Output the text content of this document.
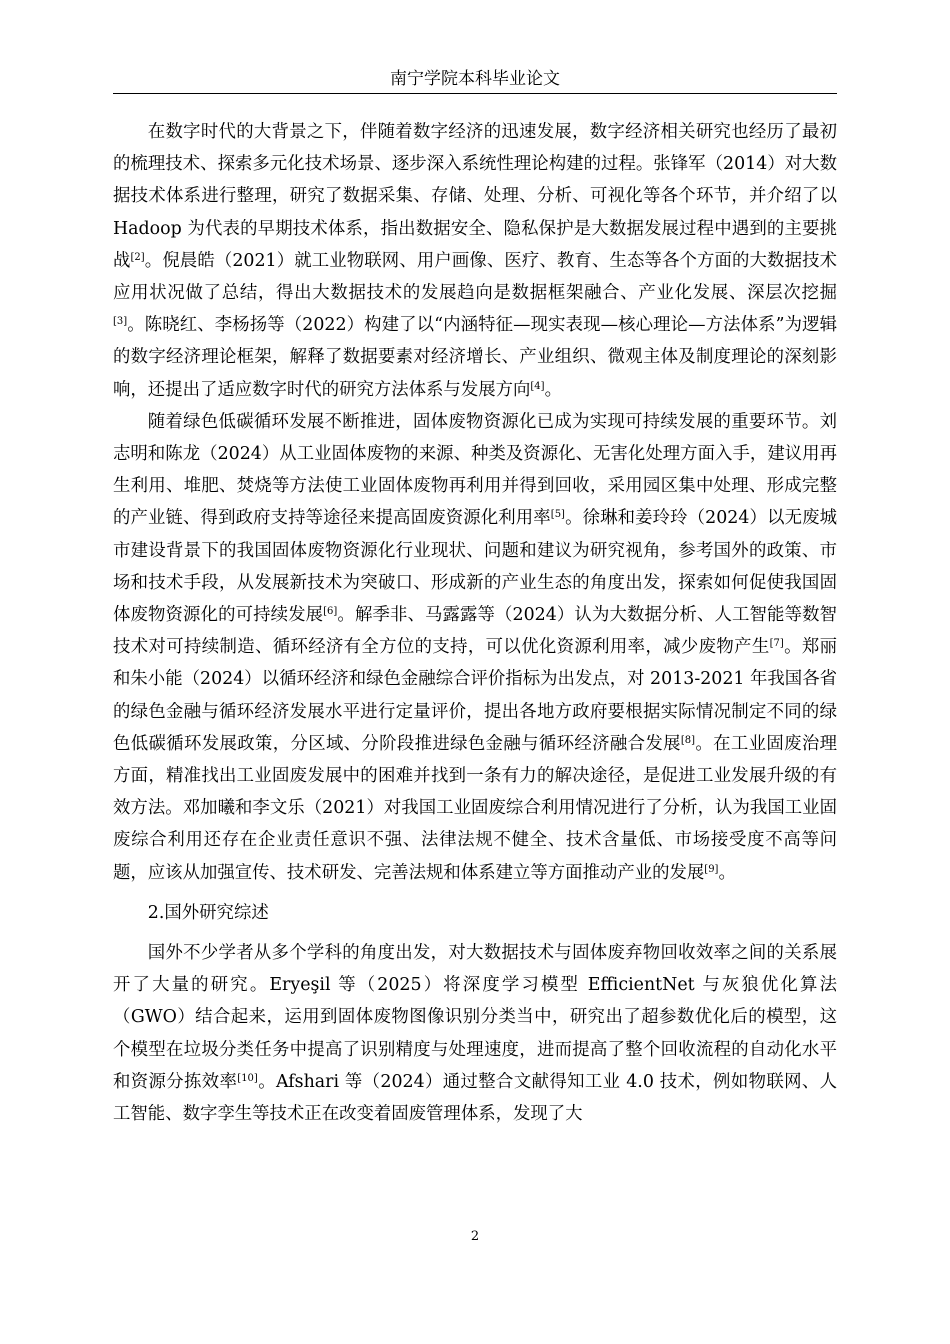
南宁学院本科毕业论文

在数字时代的大背景之下，伴随着数字经济的迅速发展，数字经济相关研究也经历了最初的梳理技术、探索多元化技术场景、逐步深入系统性理论构建的过程。张锋军（2014）对大数据技术体系进行整理，研究了数据采集、存储、处理、分析、可视化等各个环节，并介绍了以 Hadoop 为代表的早期技术体系，指出数据安全、隐私保护是大数据发展过程中遇到的主要挑战[2]。倪晨皓（2021）就工业物联网、用户画像、医疗、教育、生态等各个方面的大数据技术应用状况做了总结，得出大数据技术的发展趋向是数据框架融合、产业化发展、深层次挖掘[3]。陈晓红、李杨扬等（2022）构建了以“内涵特征—现实表现—核心理论—方法体系”为逻辑的数字经济理论框架，解释了数据要素对经济增长、产业组织、微观主体及制度理论的深刻影响，还提出了适应数字时代的研究方法体系与发展方向[4]。

随着绿色低碳循环发展不断推进，固体废物资源化已成为实现可持续发展的重要环节。刘志明和陈龙（2024）从工业固体废物的来源、种类及资源化、无害化处理方面入手，建议用再生利用、堆肥、焚烧等方法使工业固体废物再利用并得到回收，采用园区集中处理、形成完整的产业链、得到政府支持等途径来提高固废资源化利用率[5]。徐琳和姜玲玲（2024）以无废城市建设背景下的我国固体废物资源化行业现状、问题和建议为研究视角，参考国外的政策、市场和技术手段，从发展新技术为突破口、形成新的产业生态的角度出发，探索如何促使我国固体废物资源化的可持续发展[6]。解季非、马露露等（2024）认为大数据分析、人工智能等数智技术对可持续制造、循环经济有全方位的支持，可以优化资源利用率，减少废物产生[7]。郑丽和朱小能（2024）以循环经济和绿色金融综合评价指标为出发点，对 2013-2021 年我国各省的绿色金融与循环经济发展水平进行定量评价，提出各地方政府要根据实际情况制定不同的绿色低碳循环发展政策，分区域、分阶段推进绿色金融与循环经济融合发展[8]。在工业固废治理方面，精准找出工业固废发展中的困难并找到一条有力的解决途径，是促进工业发展升级的有效方法。邓加曦和李文乐（2021）对我国工业固废综合利用情况进行了分析，认为我国工业固废综合利用还存在企业责任意识不强、法律法规不健全、技术含量低、市场接受度不高等问题，应该从加强宣传、技术研发、完善法规和体系建立等方面推动产业的发展[9]。

2.国外研究综述

国外不少学者从多个学科的角度出发，对大数据技术与固体废弃物回收效率之间的关系展开了大量的研究。Eryeşil 等（2025）将深度学习模型 EfficientNet 与灰狼优化算法（GWO）结合起来，运用到固体废物图像识别分类当中，研究出了超参数优化后的模型，这个模型在垃圾分类任务中提高了识别精度与处理速度，进而提高了整个回收流程的自动化水平和资源分拣效率[10]。Afshari 等（2024）通过整合文献得知工业 4.0 技术，例如物联网、人工智能、数字孪生等技术正在改变着固废管理体系，发现了大

2
